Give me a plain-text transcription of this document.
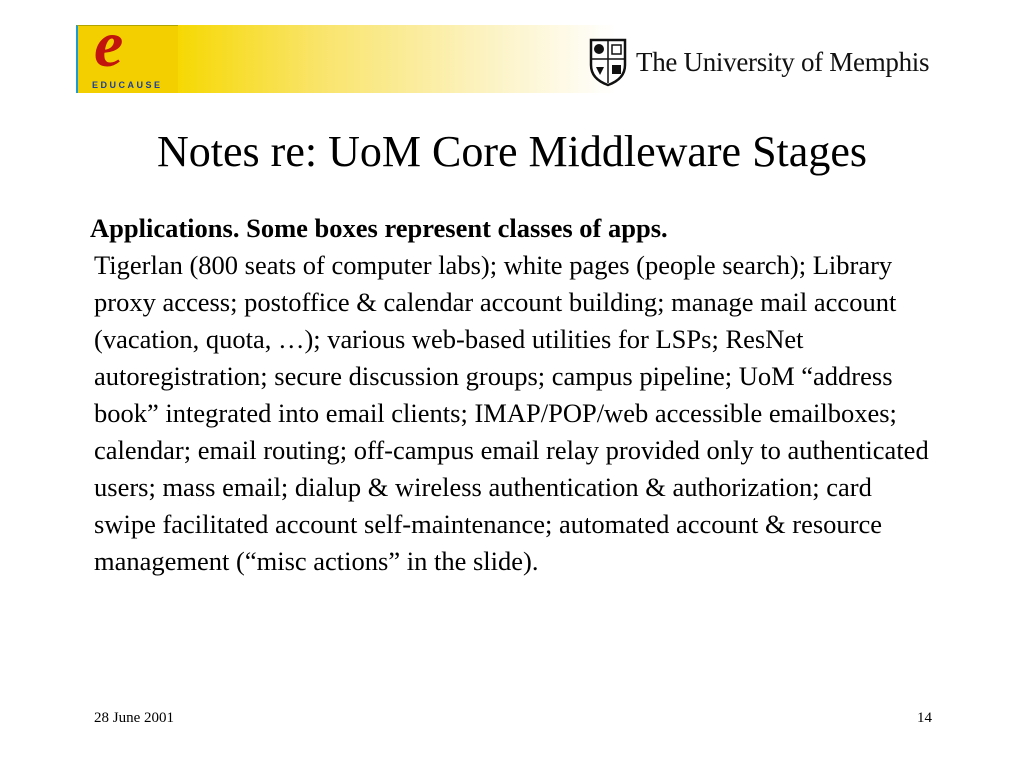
e
EDUCAUSE
The University of Memphis
Notes re: UoM Core Middleware Stages
Applications. Some boxes represent classes of apps.
Tigerlan (800 seats of computer labs); white pages (people search); Library proxy access; postoffice & calendar account building; manage mail account (vacation, quota, …); various web-based utilities for LSPs; ResNet autoregistration; secure discussion groups; campus pipeline; UoM “address book” integrated into email clients; IMAP/POP/web accessible emailboxes; calendar; email routing; off-campus email relay provided only to authenticated users; mass email; dialup & wireless authentication & authorization; card swipe facilitated account self-maintenance; automated account & resource management (“misc actions” in the slide).
28 June 2001	14
